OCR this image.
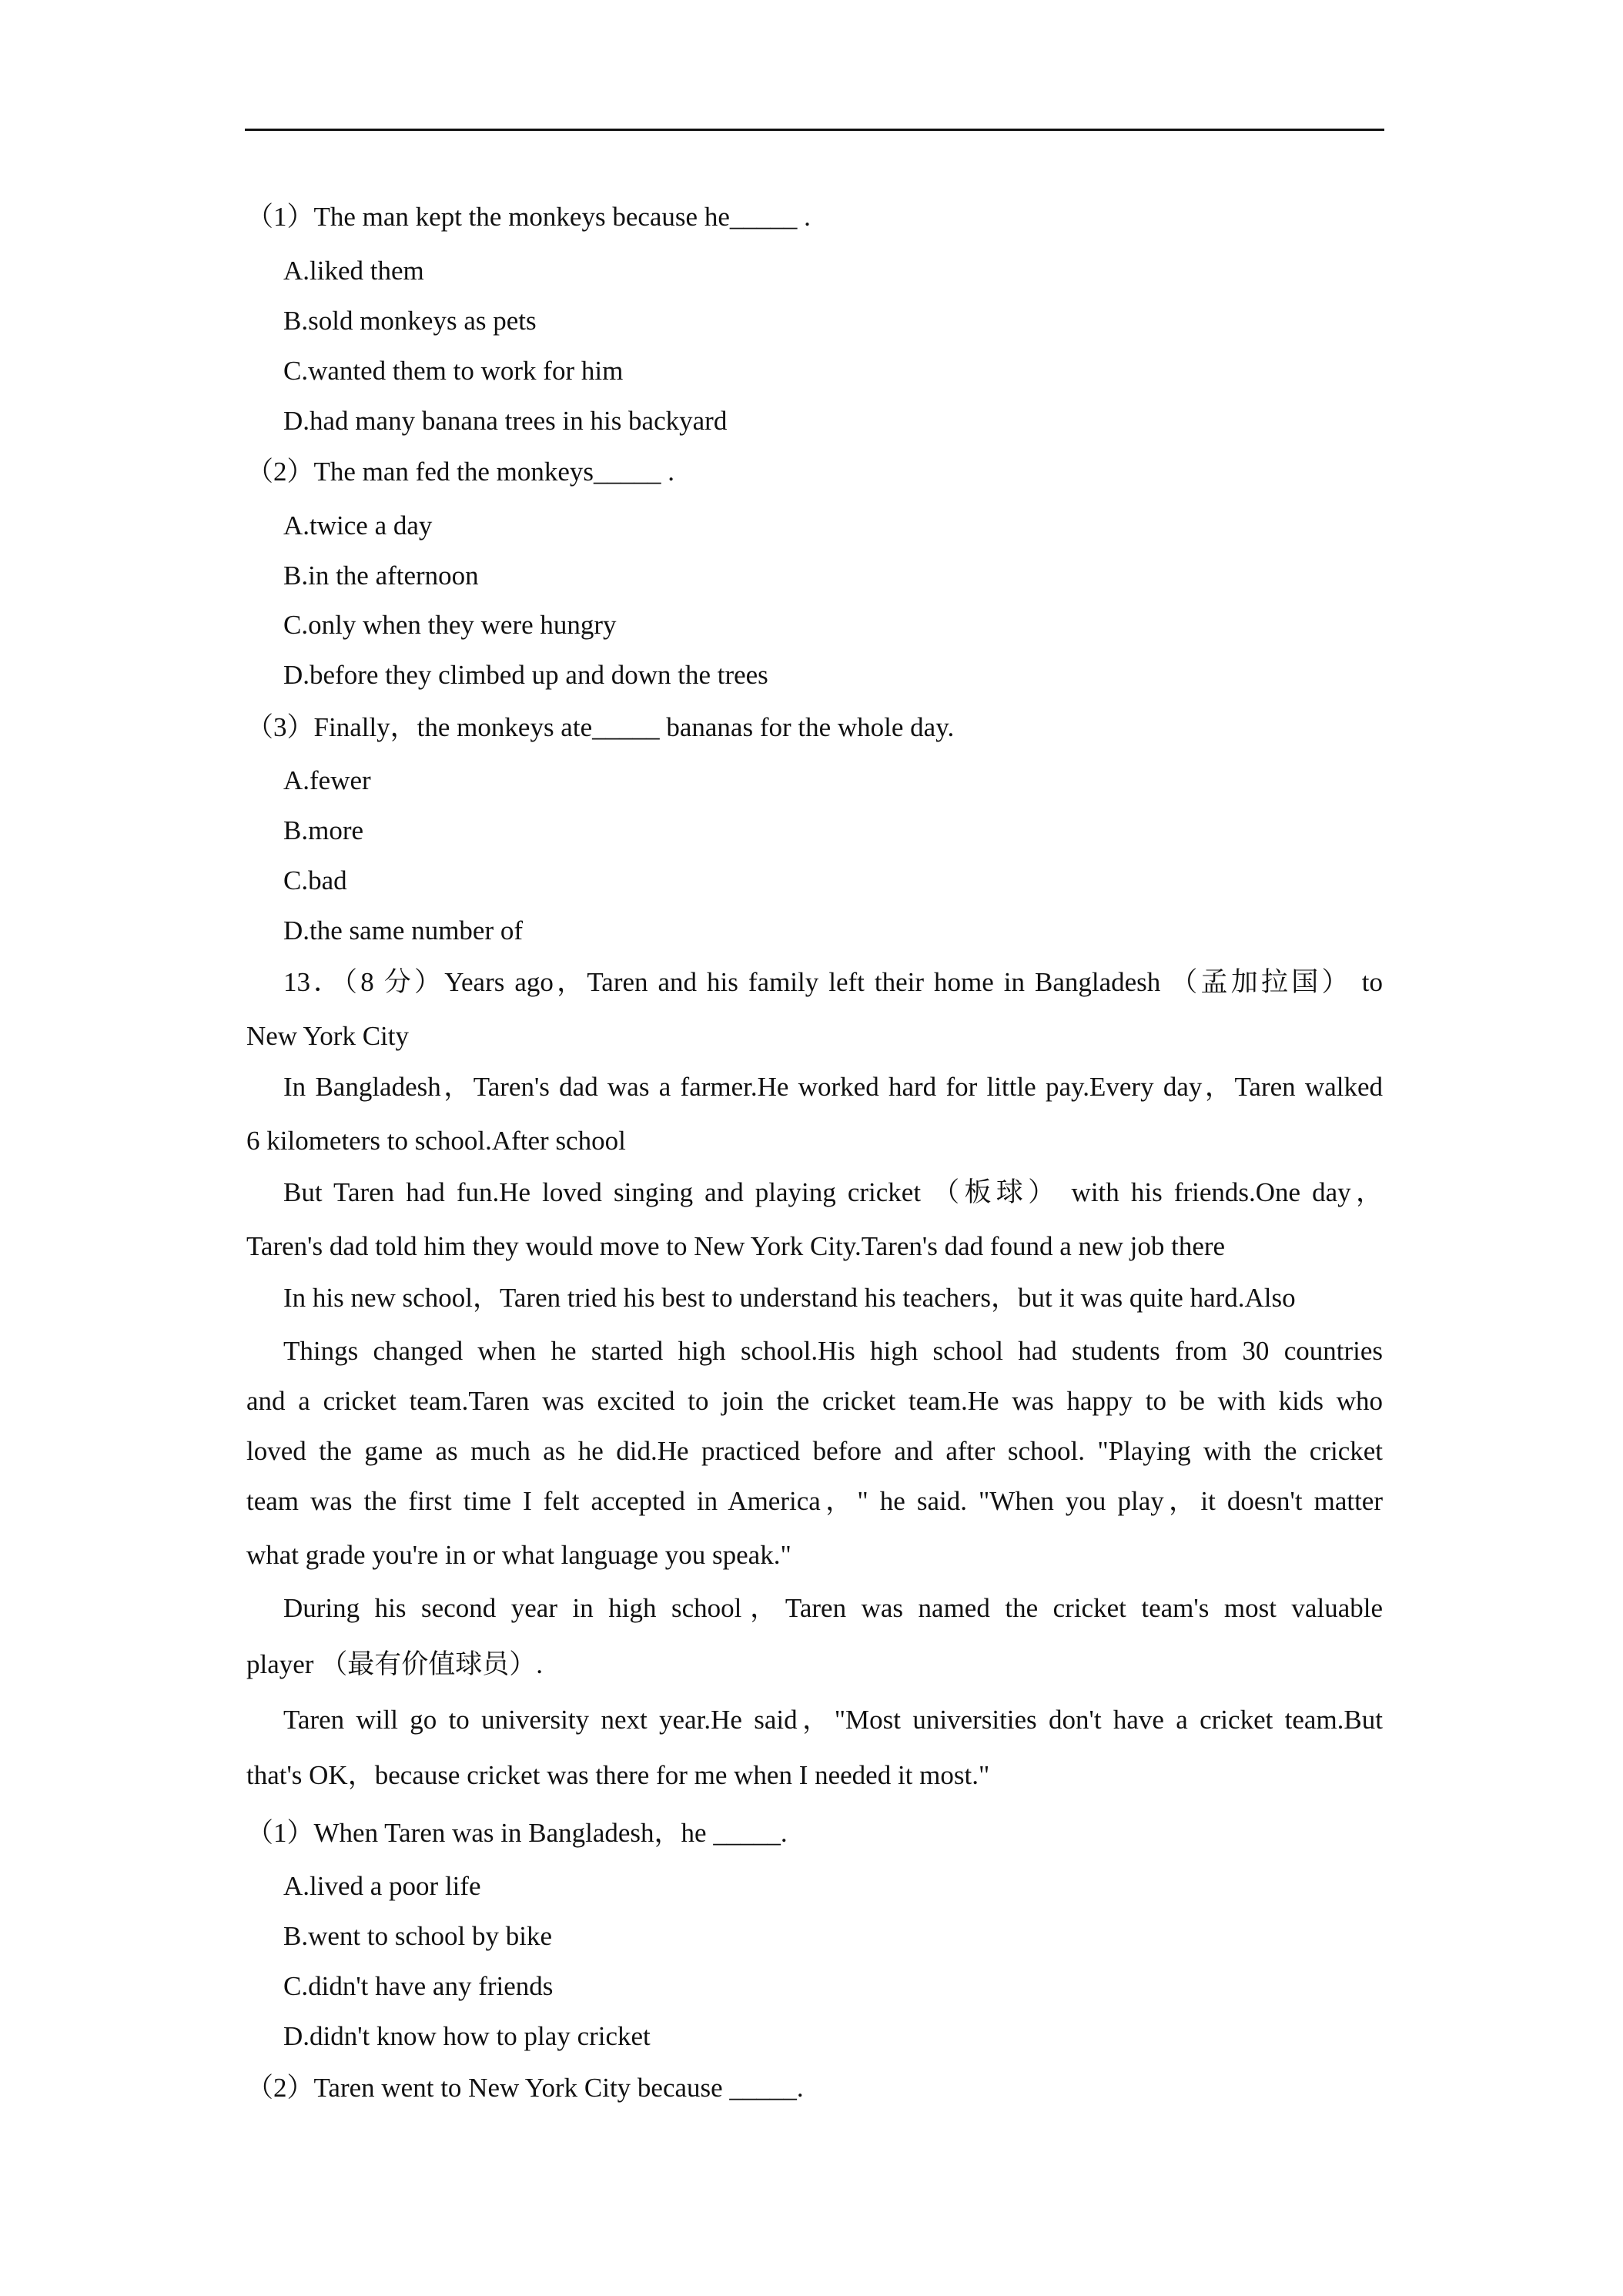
（1）The man kept the monkeys because he_____ .
A.liked them
B.sold monkeys as pets
C.wanted them to work for him
D.had many banana trees in his backyard
（2）The man fed the monkeys_____ .
A.twice a day
B.in the afternoon
C.only when they were hungry
D.before they climbed up and down the trees
（3）Finally，the monkeys ate_____ bananas for the whole day.
A.fewer
B.more
C.bad
D.the same number of
13．（8 分）Years ago，Taren and his family left their home in Bangladesh （孟加拉国） to
New York City
In Bangladesh，Taren's dad was a farmer.He worked hard for little pay.Every day，Taren walked
6 kilometers to school.After school
But Taren had fun.He loved singing and playing cricket （板球） with his friends.One day，
Taren's dad told him they would move to New York City.Taren's dad found a new job there
In his new school，Taren tried his best to understand his teachers，but it was quite hard.Also
Things changed when he started high school.His high school had students from 30 countries
and a cricket team.Taren was excited to join the cricket team.He was happy to be with kids who
loved the game as much as he did.He practiced before and after school. "Playing with the cricket
team was the first time I felt accepted in America，" he said. "When you play，it doesn't matter
what grade you're in or what language you speak."
During his second year in high school，Taren was named the cricket team's most valuable
player （最有价值球员）.
Taren will go to university next year.He said，"Most universities don't have a cricket team.But
that's OK，because cricket was there for me when I needed it most."
（1）When Taren was in Bangladesh，he _____.
A.lived a poor life
B.went to school by bike
C.didn't have any friends
D.didn't know how to play cricket
（2）Taren went to New York City because _____.
